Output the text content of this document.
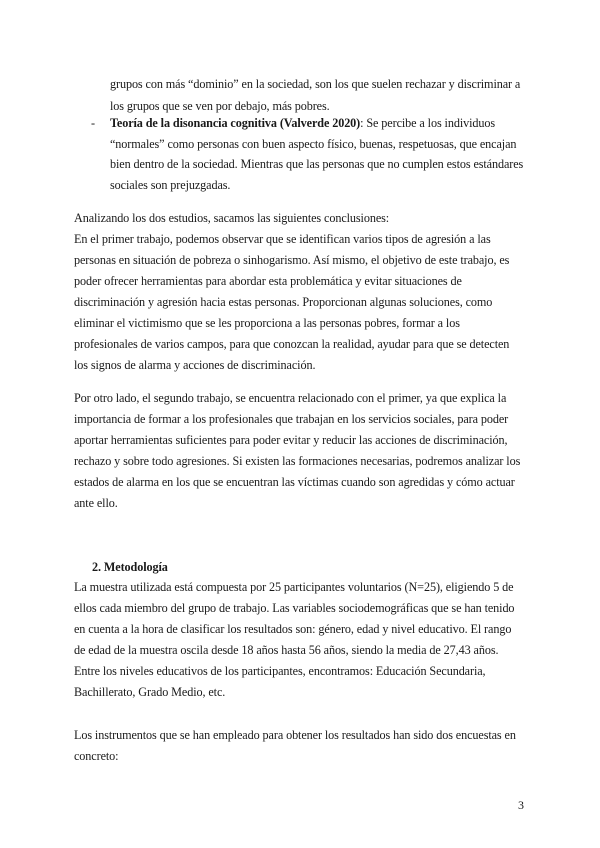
grupos con más “dominio” en la sociedad, son los que suelen rechazar y discriminar a
los grupos que se ven por debajo, más pobres.
- Teoría de la disonancia cognitiva (Valverde 2020): Se percibe a los individuos
“normales” como personas con buen aspecto físico, buenas, respetuosas, que encajan
bien dentro de la sociedad. Mientras que las personas que no cumplen estos estándares
sociales son prejuzgadas.
Analizando los dos estudios, sacamos las siguientes conclusiones:
En el primer trabajo, podemos observar que se identifican varios tipos de agresión a las
personas en situación de pobreza o sinhogarismo. Así mismo, el objetivo de este trabajo, es
poder ofrecer herramientas para abordar esta problemática y evitar situaciones de
discriminación y agresión hacia estas personas. Proporcionan algunas soluciones, como
eliminar el victimismo que se les proporciona a las personas pobres, formar a los
profesionales de varios campos, para que conozcan la realidad, ayudar para que se detecten
los signos de alarma y acciones de discriminación.
Por otro lado, el segundo trabajo, se encuentra relacionado con el primer, ya que explica la
importancia de formar a los profesionales que trabajan en los servicios sociales, para poder
aportar herramientas suficientes para poder evitar y reducir las acciones de discriminación,
rechazo y sobre todo agresiones. Si existen las formaciones necesarias, podremos analizar los
estados de alarma en los que se encuentran las víctimas cuando son agredidas y cómo actuar
ante ello.
2. Metodología
La muestra utilizada está compuesta por 25 participantes voluntarios (N=25), eligiendo 5 de
ellos cada miembro del grupo de trabajo. Las variables sociodemográficas que se han tenido
en cuenta a la hora de clasificar los resultados son: género, edad y nivel educativo. El rango
de edad de la muestra oscila desde 18 años hasta 56 años, siendo la media de 27,43 años.
Entre los niveles educativos de los participantes, encontramos: Educación Secundaria,
Bachillerato, Grado Medio, etc.
Los instrumentos que se han empleado para obtener los resultados han sido dos encuestas en
concreto:
3
